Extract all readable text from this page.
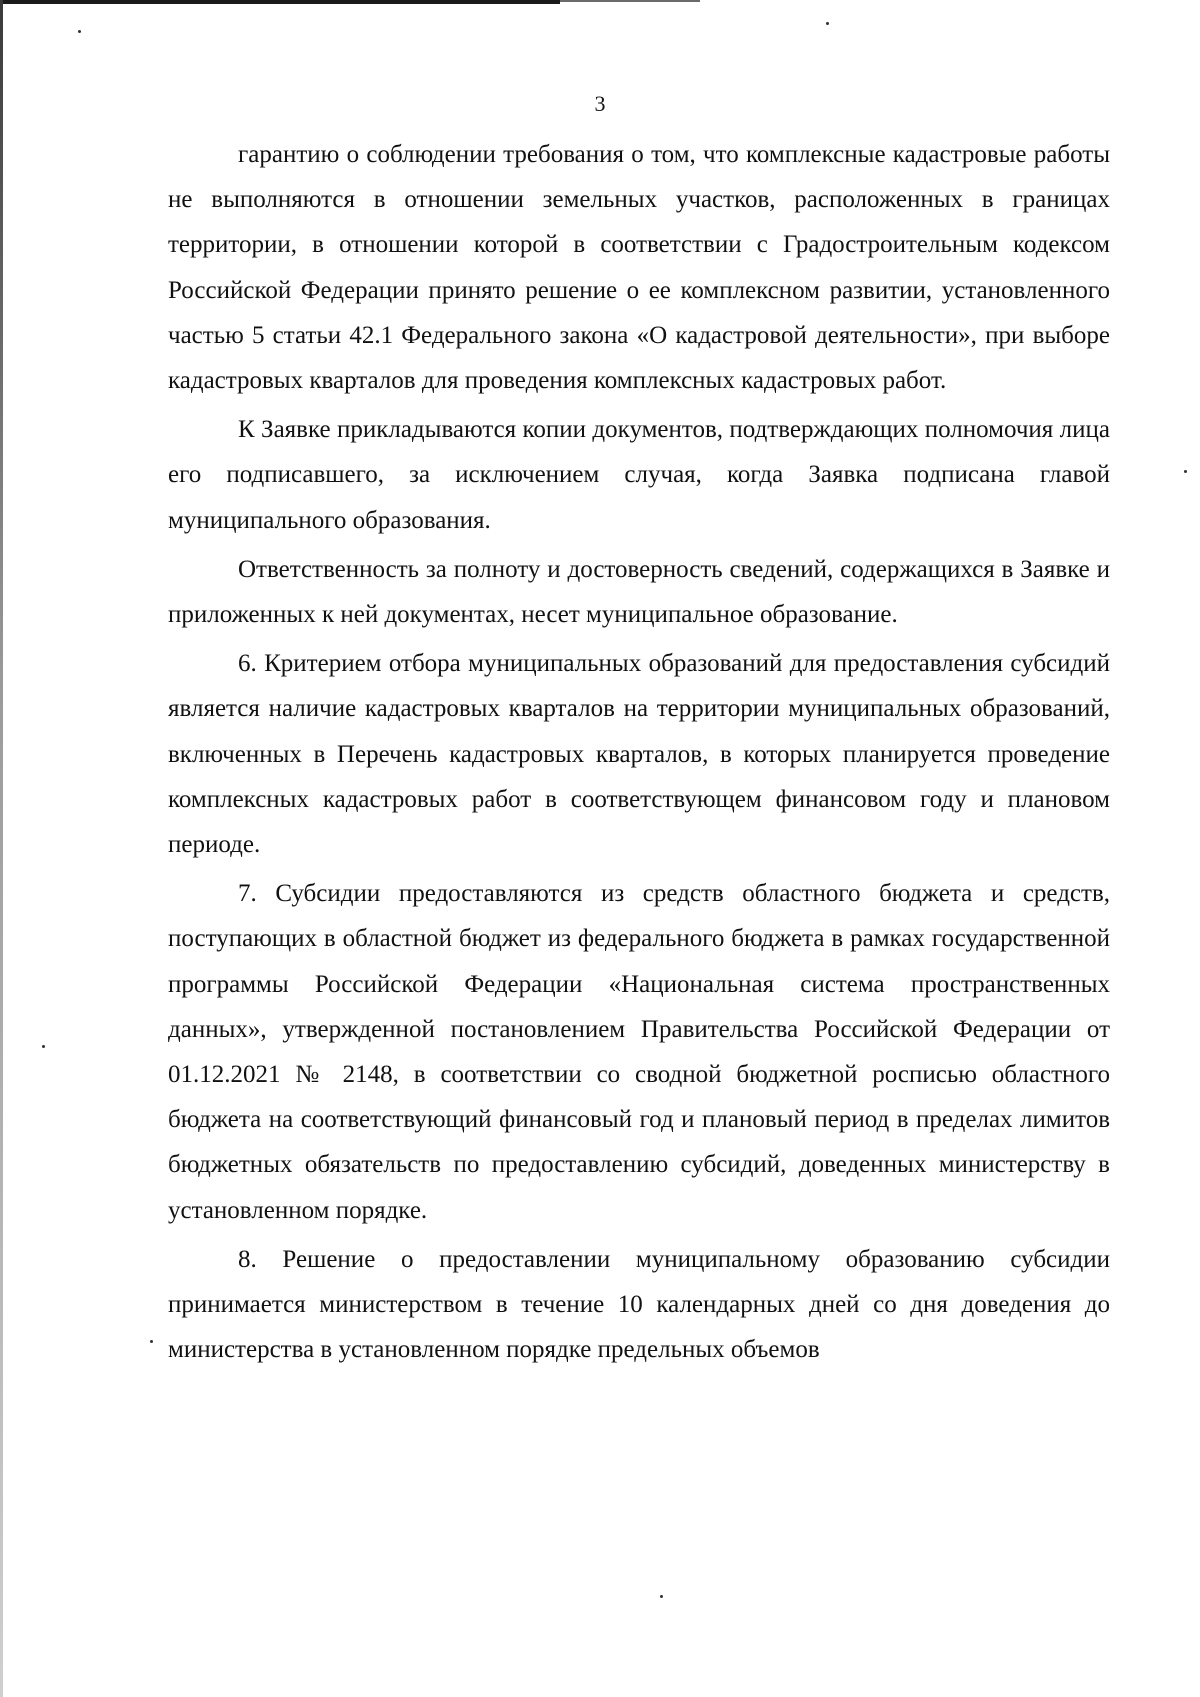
3

гарантию о соблюдении требования о том, что комплексные кадастровые работы не выполняются в отношении земельных участков, расположенных в границах территории, в отношении которой в соответствии с Градостроительным кодексом Российской Федерации принято решение о ее комплексном развитии, установленного частью 5 статьи 42.1 Федерального закона «О кадастровой деятельности», при выборе кадастровых кварталов для проведения комплексных кадастровых работ.

К Заявке прикладываются копии документов, подтверждающих полномочия лица его подписавшего, за исключением случая, когда Заявка подписана главой муниципального образования.

Ответственность за полноту и достоверность сведений, содержащихся в Заявке и приложенных к ней документах, несет муниципальное образование.

6. Критерием отбора муниципальных образований для предоставления субсидий является наличие кадастровых кварталов на территории муниципальных образований, включенных в Перечень кадастровых кварталов, в которых планируется проведение комплексных кадастровых работ в соответствующем финансовом году и плановом периоде.

7. Субсидии предоставляются из средств областного бюджета и средств, поступающих в областной бюджет из федерального бюджета в рамках государственной программы Российской Федерации «Национальная система пространственных данных», утвержденной постановлением Правительства Российской Федерации от 01.12.2021 № 2148, в соответствии со сводной бюджетной росписью областного бюджета на соответствующий финансовый год и плановый период в пределах лимитов бюджетных обязательств по предоставлению субсидий, доведенных министерству в установленном порядке.

8. Решение о предоставлении муниципальному образованию субсидии принимается министерством в течение 10 календарных дней со дня доведения до министерства в установленном порядке предельных объемов
